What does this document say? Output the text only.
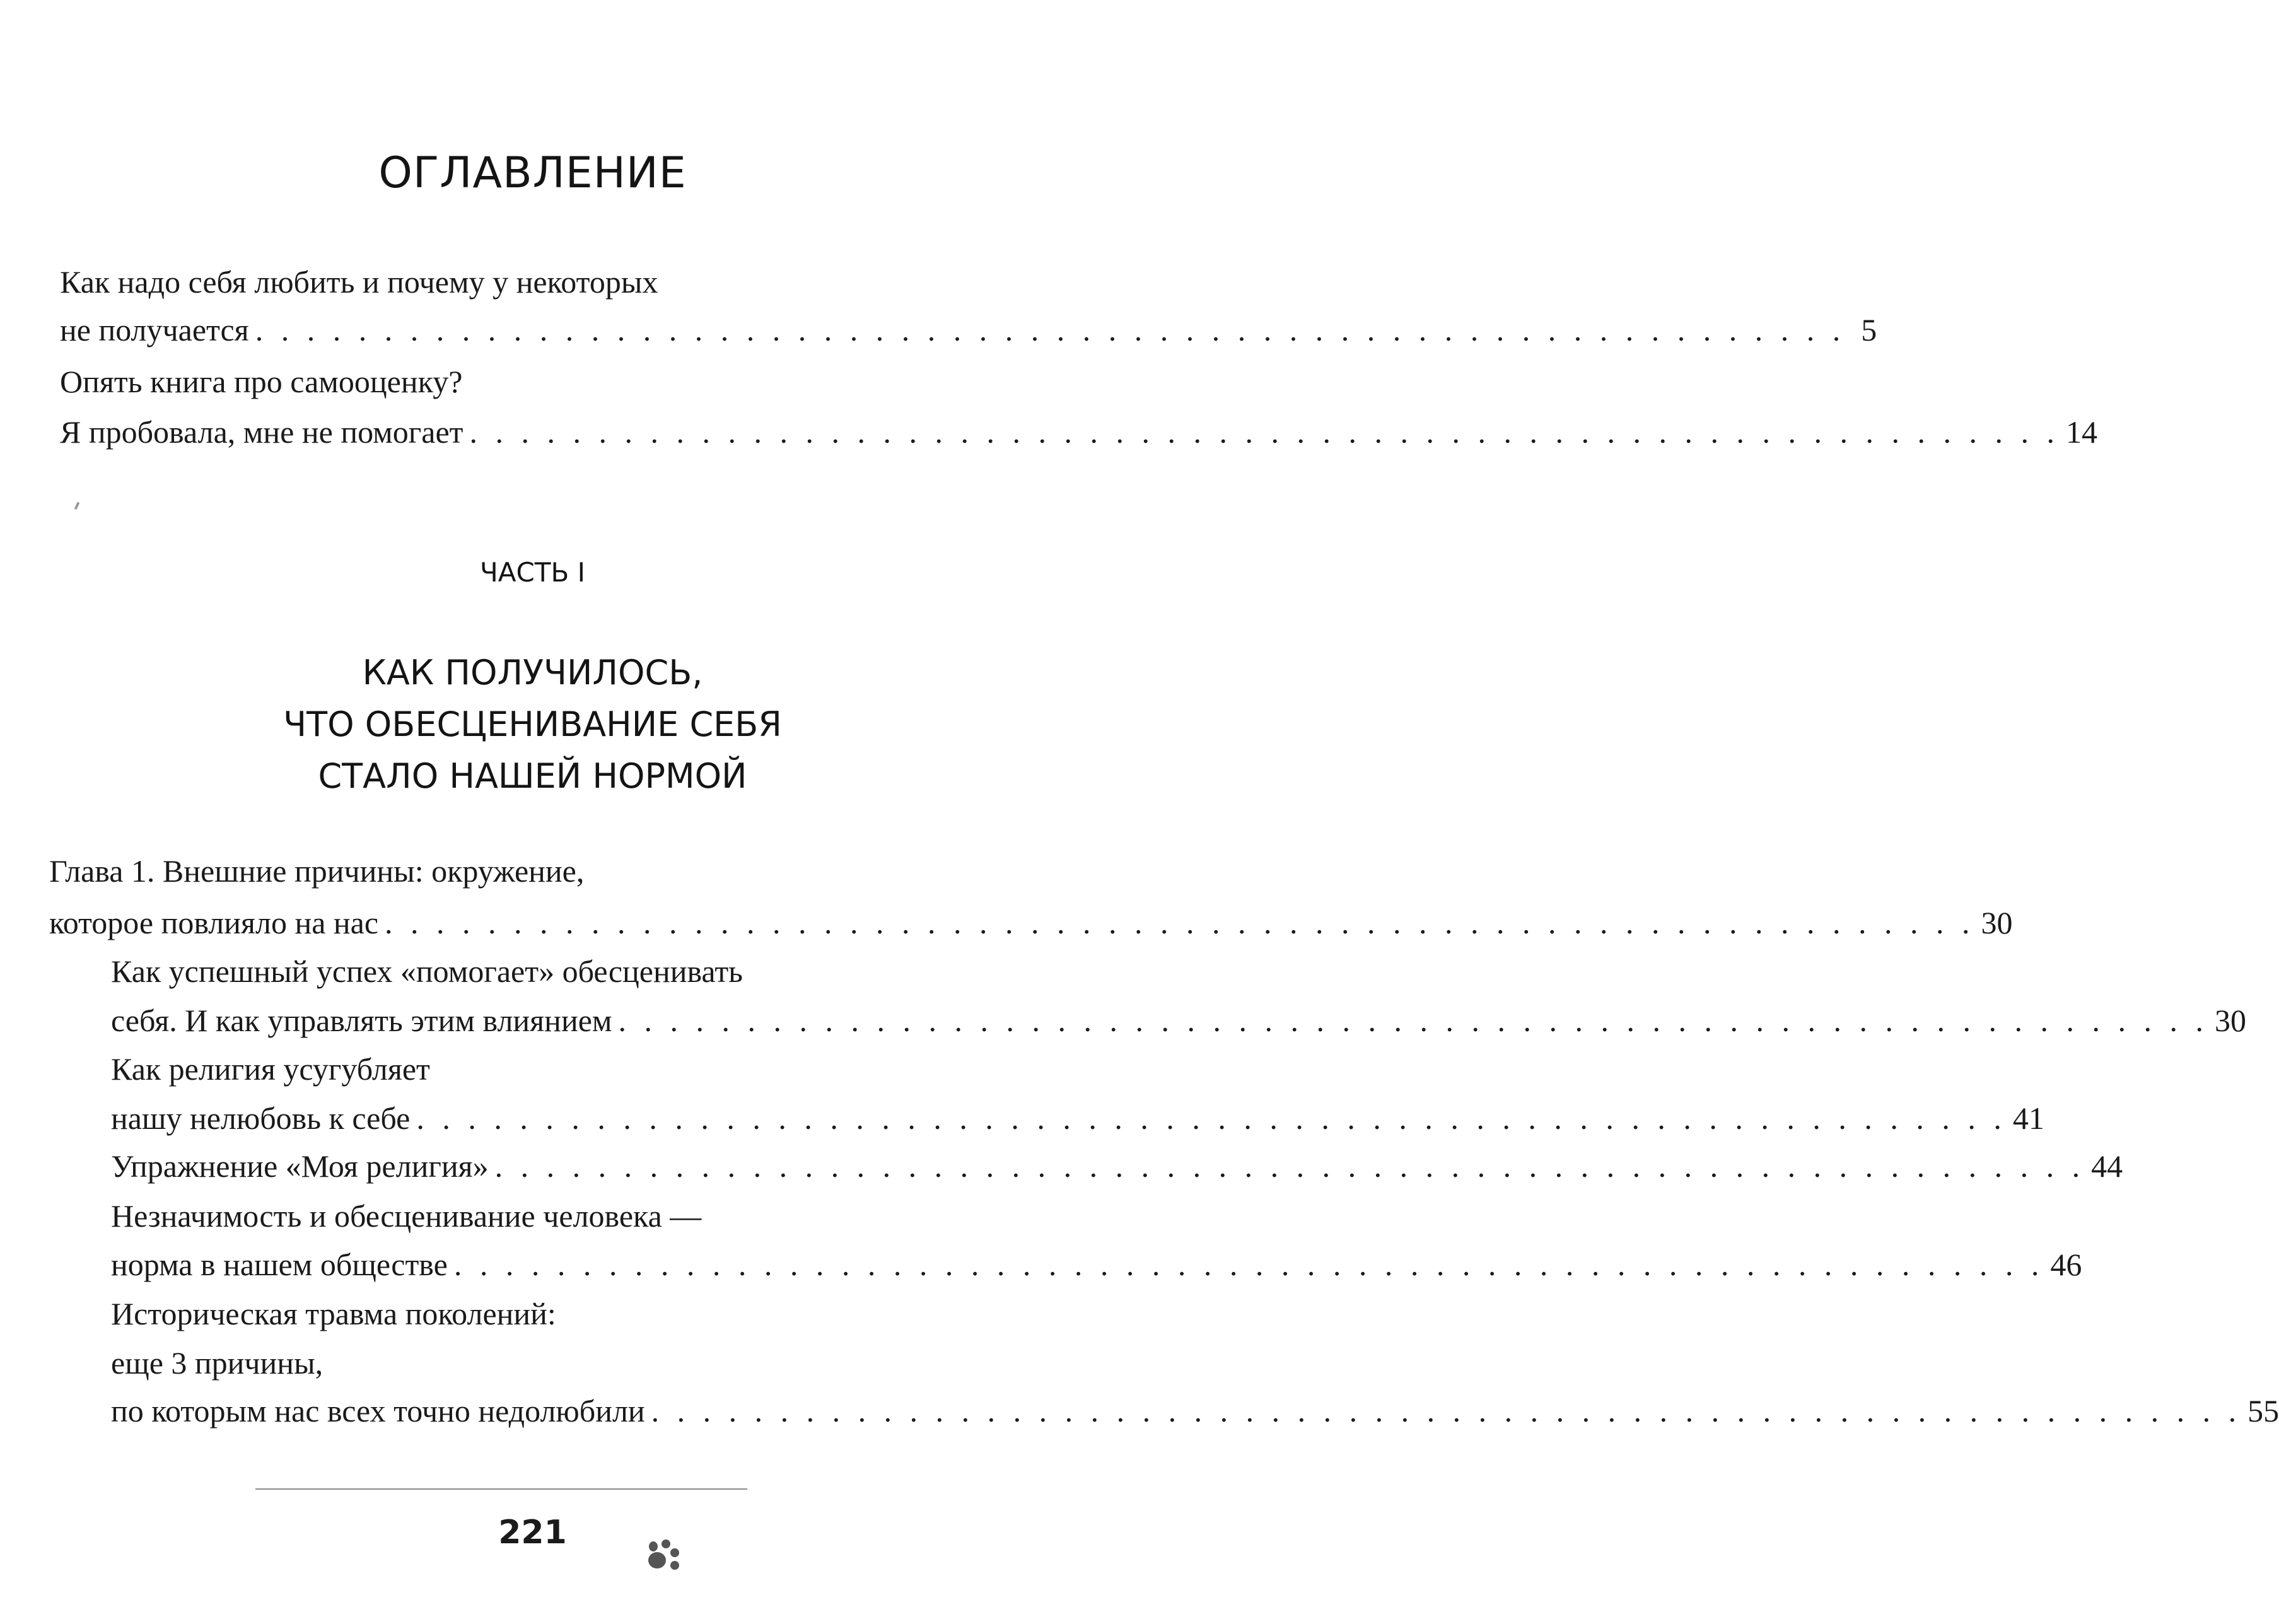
ОГЛАВЛЕНИЕ
Как надо себя любить и почему у некоторых
не получается . . . . . . . . . . . . . . . . . . . . . . . . . . . . . . . . . . . . . . . . . . . . . . . . . . . . . . . . . . . . . . 5
Опять книга про самооценку?
Я пробовала, мне не помогает . . . . . . . . . . . . . . . . . . . . . . . . . . . . . . . . . . . . . . . . . . . . . . . . . . . . . . . . . . . . . . 14
ЧАСТЬ I
КАК ПОЛУЧИЛОСЬ,
ЧТО ОБЕСЦЕНИВАНИЕ СЕБЯ
СТАЛО НАШЕЙ НОРМОЙ
Глава 1. Внешние причины: окружение,
которое повлияло на нас . . . . . . . . . . . . . . . . . . . . . . . . . . . . . . . . . . . . . . . . . . . . . . . . . . . . . . . . . . . . . . 30
Как успешный успех «помогает» обесценивать
себя. И как управлять этим влиянием . . . . . . . . . . . . . . . . . . . . . . . . . . . . . . . . . . . . . . . . . . . . . . . . . . . . . . . . . . . . . . 30
Как религия усугубляет
нашу нелюбовь к себе . . . . . . . . . . . . . . . . . . . . . . . . . . . . . . . . . . . . . . . . . . . . . . . . . . . . . . . . . . . . . . 41
Упражнение «Моя религия» . . . . . . . . . . . . . . . . . . . . . . . . . . . . . . . . . . . . . . . . . . . . . . . . . . . . . . . . . . . . . . 44
Незначимость и обесценивание человека —
норма в нашем обществе . . . . . . . . . . . . . . . . . . . . . . . . . . . . . . . . . . . . . . . . . . . . . . . . . . . . . . . . . . . . . . 46
Историческая травма поколений:
еще 3 причины,
по которым нас всех точно недолюбили . . . . . . . . . . . . . . . . . . . . . . . . . . . . . . . . . . . . . . . . . . . . . . . . . . . . . . . . . . . . . . 55
221
